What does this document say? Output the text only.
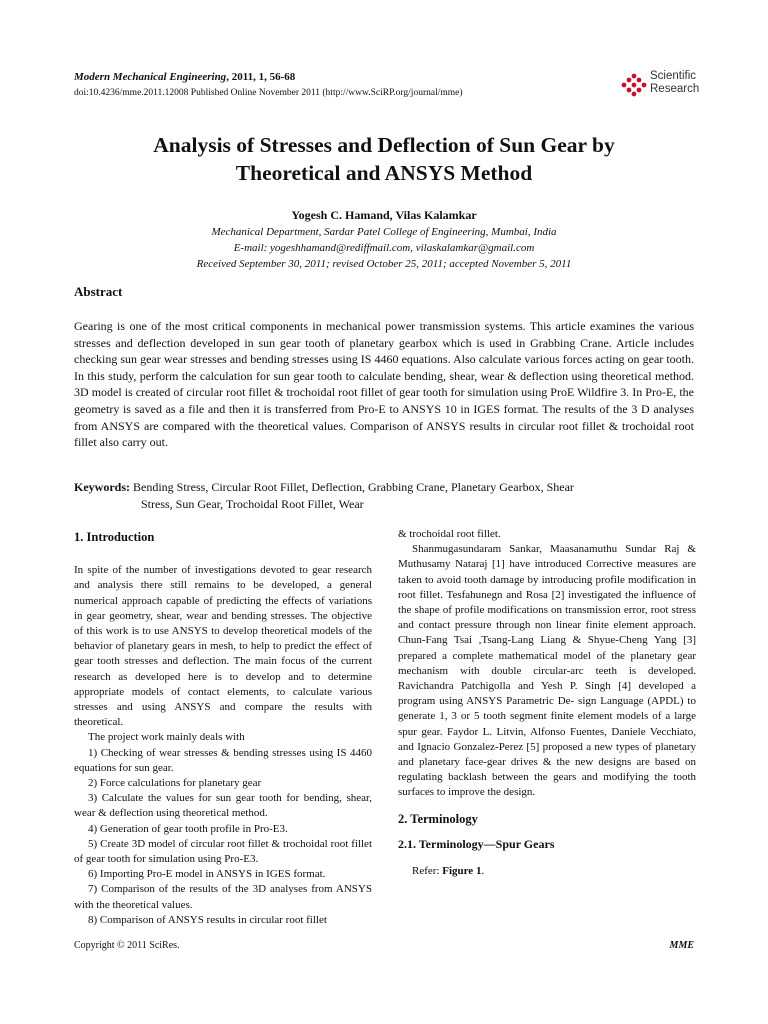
Modern Mechanical Engineering, 2011, 1, 56-68
doi:10.4236/mme.2011.12008 Published Online November 2011 (http://www.SciRP.org/journal/mme)
Scientific
Research
Analysis of Stresses and Deflection of Sun Gear by
Theoretical and ANSYS Method
Yogesh C. Hamand, Vilas Kalamkar
Mechanical Department, Sardar Patel College of Engineering, Mumbai, India
E-mail: yogeshhamand@rediffmail.com, vilaskalamkar@gmail.com
Received September 30, 2011; revised October 25, 2011; accepted November 5, 2011
Abstract
Gearing is one of the most critical components in mechanical power transmission systems. This article examines the various stresses and deflection developed in sun gear tooth of planetary gearbox which is used in Grabbing Crane. Article includes checking sun gear wear stresses and bending stresses using IS 4460 equations. Also calculate various forces acting on gear tooth. In this study, perform the calculation for sun gear tooth to calculate bending, shear, wear & deflection using theoretical method. 3D model is created of circular root fillet & trochoidal root fillet of gear tooth for simulation using ProE Wildfire 3. In Pro-E, the geometry is saved as a file and then it is transferred from Pro-E to ANSYS 10 in IGES format. The results of the 3 D analyses from ANSYS are compared with the theoretical values. Comparison of ANSYS results in circular root fillet & trochoidal root fillet also carry out.
Keywords: Bending Stress, Circular Root Fillet, Deflection, Grabbing Crane, Planetary Gearbox, Shear
Stress, Sun Gear, Trochoidal Root Fillet, Wear
1. Introduction

In spite of the number of investigations devoted to gear research and analysis there still remains to be developed, a general numerical approach capable of predicting the effects of variations in gear geometry, shear, wear and bending stresses. The objective of this work is to use ANSYS to develop theoretical models of the behavior of planetary gears in mesh, to help to predict the effect of gear tooth stresses and deflection. The main focus of the current research as developed here is to develop and to determine appropriate models of contact elements, to calculate various stresses and using ANSYS and compare the results with theoretical.

The project work mainly deals with

1) Checking of wear stresses & bending stresses using IS 4460 equations for sun gear.

2) Force calculations for planetary gear

3) Calculate the values for sun gear tooth for bending, shear, wear & deflection using theoretical method.

4) Generation of gear tooth profile in Pro-E3.

5) Create 3D model of circular root fillet & trochoidal root fillet of gear tooth for simulation using Pro-E3.

6) Importing Pro-E model in ANSYS in IGES format.

7) Comparison of the results of the 3D analyses from ANSYS with the theoretical values.

8) Comparison of ANSYS results in circular root fillet

& trochoidal root fillet.

Shanmugasundaram Sankar, Maasanamuthu Sundar Raj & Muthusamy Nataraj [1] have introduced Corrective measures are taken to avoid tooth damage by introducing profile modification in root fillet. Tesfahunegn and Rosa [2] investigated the influence of the shape of profile modifications on transmission error, root stress and contact pressure through non linear finite element approach. Chun-Fang Tsai ,Tsang-Lang Liang & Shyue-Cheng Yang [3] prepared a complete mathematical model of the planetary gear mechanism with double circular-arc teeth is developed. Ravichandra Patchigolla and Yesh P. Singh [4] developed a program using ANSYS Parametric De- sign Language (APDL) to generate 1, 3 or 5 tooth segment finite element models of a large spur gear. Faydor L. Litvin, Alfonso Fuentes, Daniele Vecchiato, and Ignacio Gonzalez-Perez [5] proposed a new types of planetary and planetary face-gear drives & the new designs are based on regulating backlash between the gears and modifying the tooth surfaces to improve the design.

2. Terminology
2.1. Terminology—Spur Gears

Refer: Figure 1.

Copyright © 2011 SciRes.	MME
